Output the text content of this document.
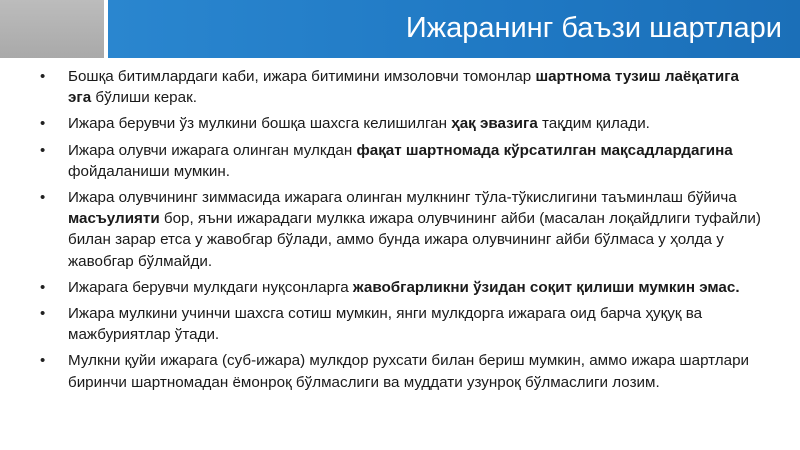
Ижаранинг баъзи шартлари
• Бошқа битимлардаги каби, ижара битимини имзоловчи томонлар шартнома тузиш лаёқатига эга бўлиши керак.
• Ижара берувчи ўз мулкини бошқа шахсга келишилган ҳақ эвазига тақдим қилади.
• Ижара олувчи ижарага олинган мулкдан фақат шартномада кўрсатилган мақсадлардагина фойдаланиши мумкин.
• Ижара олувчининг зиммасида ижарага олинган мулкнинг тўла-тўкислигини таъминлаш бўйича масъулияти бор, яъни ижарадаги мулкка ижара олувчининг айби (масалан лоқайдлиги туфайли) билан зарар етса у жавобгар бўлади, аммо бунда ижара олувчининг айби бўлмаса у ҳолда у жавобгар бўлмайди.
• Ижарага берувчи мулкдаги нуқсонларга жавобгарликни ўзидан соқит қилиши мумкин эмас.
• Ижара мулкини учинчи шахсга сотиш мумкин, янги мулкдорга ижарага оид барча ҳуқуқ ва мажбуриятлар ўтади.
• Мулкни қуйи ижарага (суб-ижара) мулкдор рухсати билан бериш мумкин, аммо ижара шартлари биринчи шартномадан ёмонроқ бўлмаслиги ва муддати узунроқ бўлмаслиги лозим.
